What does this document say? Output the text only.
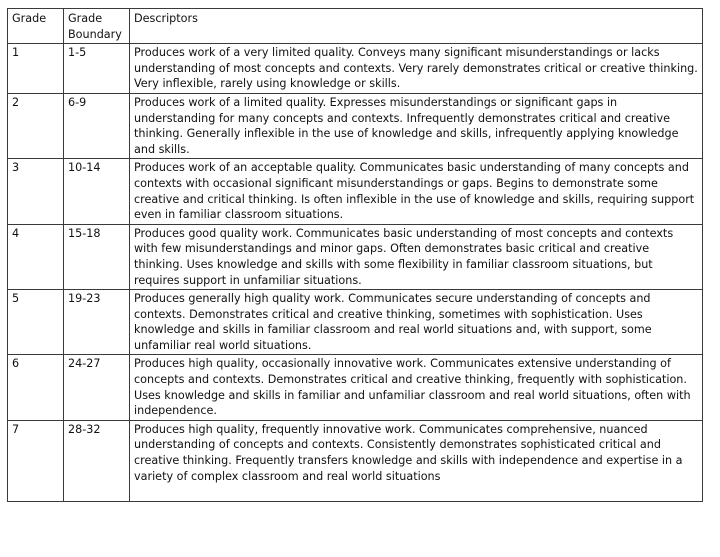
Grade	Grade Boundary	Descriptors
1	1-5	Produces work of a very limited quality. Conveys many significant misunderstandings or lacks understanding of most concepts and contexts. Very rarely demonstrates critical or creative thinking. Very inflexible, rarely using knowledge or skills.
2	6-9	Produces work of a limited quality. Expresses misunderstandings or significant gaps in understanding for many concepts and contexts. Infrequently demonstrates critical and creative thinking. Generally inflexible in the use of knowledge and skills, infrequently applying knowledge and skills.
3	10-14	Produces work of an acceptable quality. Communicates basic understanding of many concepts and contexts with occasional significant misunderstandings or gaps. Begins to demonstrate some creative and critical thinking. Is often inflexible in the use of knowledge and skills, requiring support even in familiar classroom situations.
4	15-18	Produces good quality work. Communicates basic understanding of most concepts and contexts with few misunderstandings and minor gaps. Often demonstrates basic critical and creative thinking. Uses knowledge and skills with some flexibility in familiar classroom situations, but requires support in unfamiliar situations.
5	19-23	Produces generally high quality work. Communicates secure understanding of concepts and contexts. Demonstrates critical and creative thinking, sometimes with sophistication. Uses knowledge and skills in familiar classroom and real world situations and, with support, some unfamiliar real world situations.
6	24-27	Produces high quality, occasionally innovative work. Communicates extensive understanding of concepts and contexts. Demonstrates critical and creative thinking, frequently with sophistication. Uses knowledge and skills in familiar and unfamiliar classroom and real world situations, often with independence.
7	28-32	Produces high quality, frequently innovative work. Communicates comprehensive, nuanced understanding of concepts and contexts. Consistently demonstrates sophisticated critical and creative thinking. Frequently transfers knowledge and skills with independence and expertise in a variety of complex classroom and real world situations
